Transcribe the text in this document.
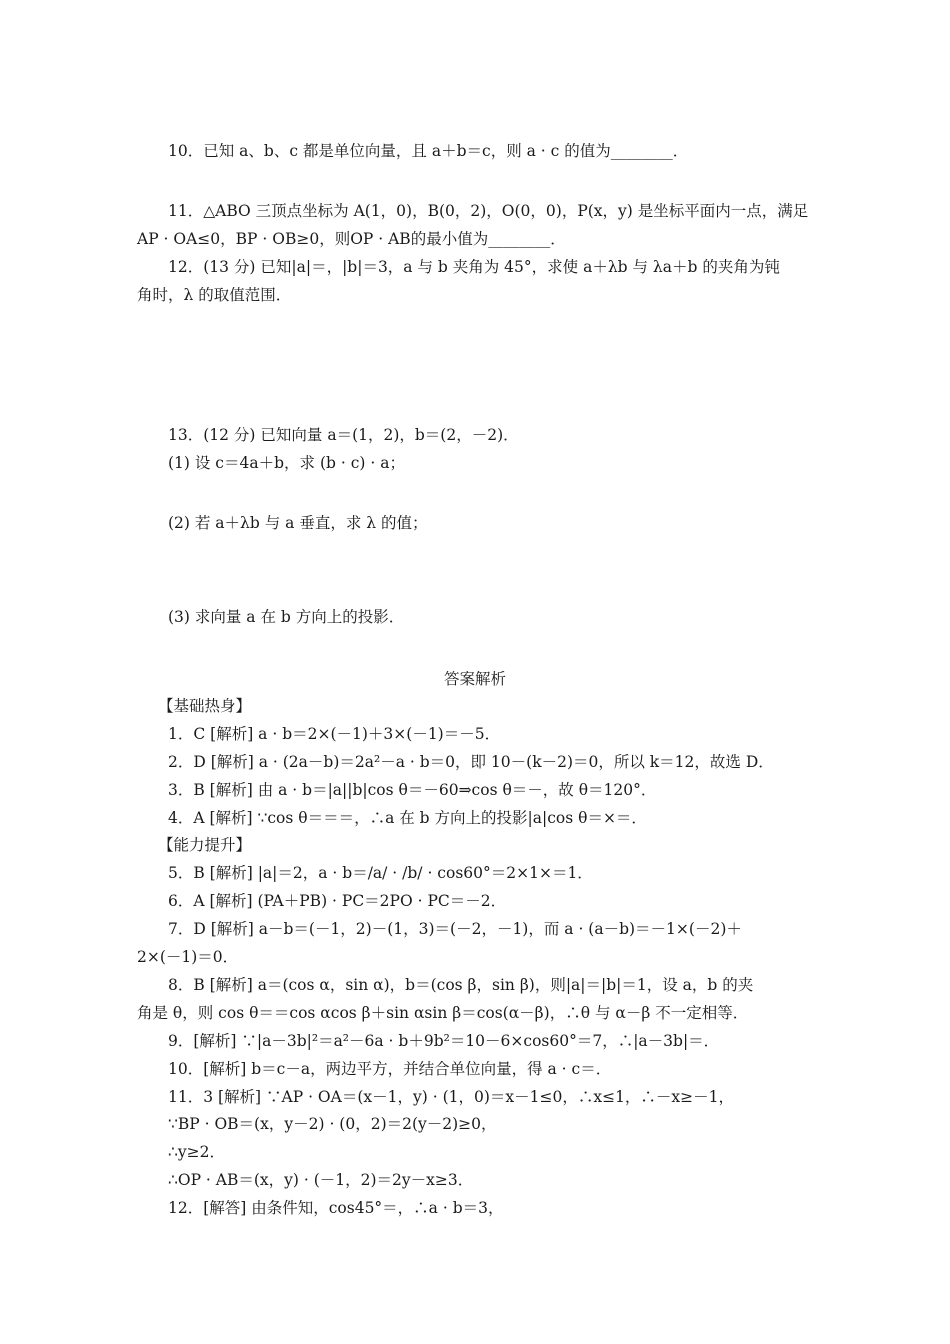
10．已知 a、b、c 都是单位向量，且 a＋b＝c，则 a · c 的值为________．
11．△ABO 三顶点坐标为 A(1，0)，B(0，2)，O(0，0)，P(x，y) 是坐标平面内一点，满足
AP · OA≤0，BP · OB≥0，则OP · AB的最小值为________．
12．(13 分) 已知|a|＝，|b|＝3，a 与 b 夹角为 45°，求使 a＋λb 与 λa＋b 的夹角为钝
角时，λ 的取值范围．
13．(12 分) 已知向量 a＝(1，2)，b＝(2，－2)．
(1) 设 c＝4a＋b，求 (b · c) · a；
(2) 若 a＋λb 与 a 垂直，求 λ 的值；
(3) 求向量 a 在 b 方向上的投影．
答案解析
【基础热身】
1．C [解析] a · b＝2×(－1)＋3×(－1)＝－5．
2．D [解析] a · (2a－b)＝2a²－a · b＝0，即 10－(k－2)＝0，所以 k＝12，故选 D．
3．B [解析] 由 a · b＝|a||b|cos θ＝－60⇒cos θ＝－，故 θ＝120°．
4．A [解析] ∵cos θ＝＝＝，∴a 在 b 方向上的投影|a|cos θ＝×＝．
【能力提升】
5．B [解析] |a|＝2，a · b＝/a/ · /b/ · cos60°＝2×1×＝1．
6．A [解析] (PA＋PB) · PC＝2PO · PC＝－2．
7．D [解析] a－b＝(－1，2)－(1，3)＝(－2，－1)，而 a · (a－b)＝－1×(－2)＋
2×(－1)＝0．
8．B [解析] a＝(cos α，sin α)，b＝(cos β，sin β)，则|a|＝|b|＝1，设 a，b 的夹
角是 θ，则 cos θ＝＝cos αcos β＋sin αsin β＝cos(α－β)，∴θ 与 α－β 不一定相等．
9．[解析] ∵|a－3b|²＝a²－6a · b＋9b²＝10－6×cos60°＝7，∴|a－3b|＝．
10．[解析] b＝c－a，两边平方，并结合单位向量，得 a · c＝．
11．3 [解析] ∵AP · OA＝(x－1，y) · (1，0)＝x－1≤0，∴x≤1，∴－x≥－1，
∵BP · OB＝(x，y－2) · (0，2)＝2(y－2)≥0，
∴y≥2．
∴OP · AB＝(x，y) · (－1，2)＝2y－x≥3．
12．[解答] 由条件知，cos45°＝，∴a · b＝3，
